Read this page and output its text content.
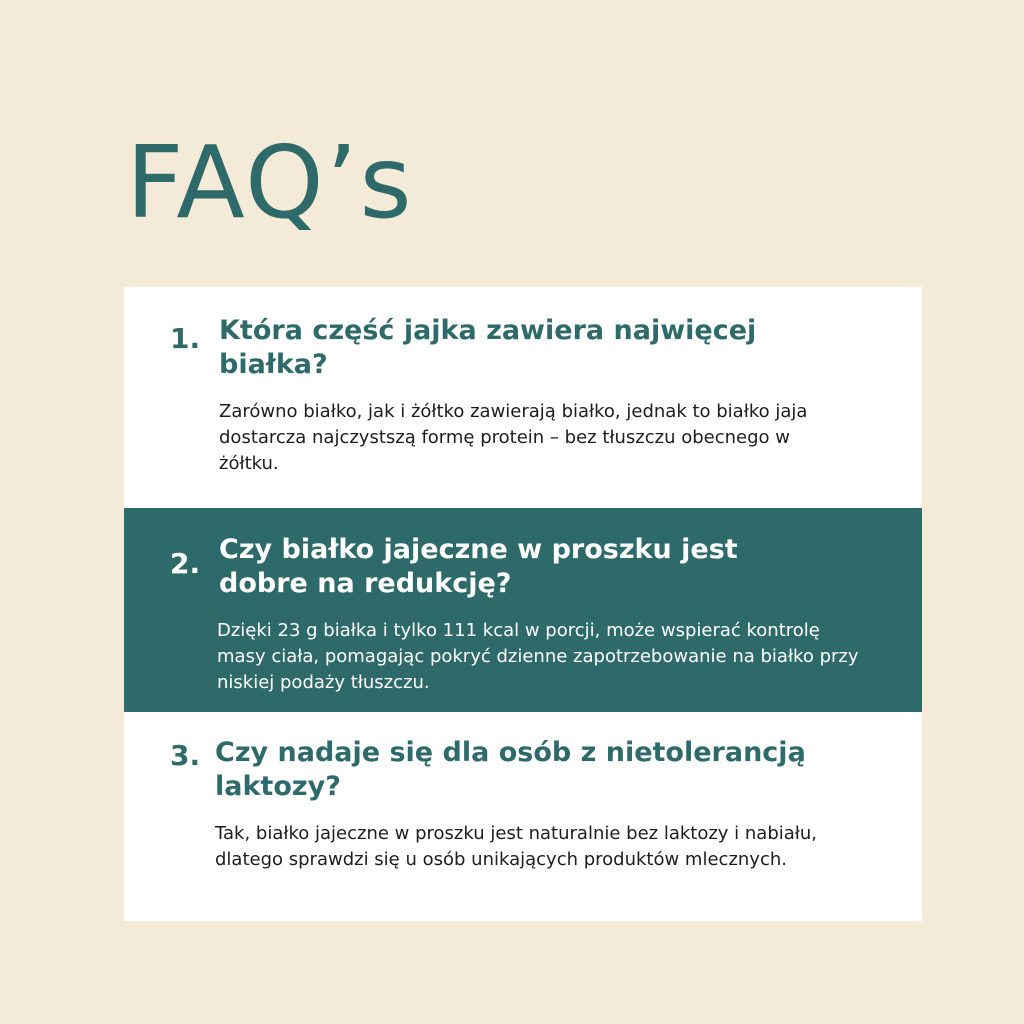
FAQ’s
1. Która część jajka zawiera najwięcej białka?

Zarówno białko, jak i żółtko zawierają białko, jednak to białko jaja dostarcza najczystszą formę protein – bez tłuszczu obecnego w żółtku.

2. Czy białko jajeczne w proszku jest dobre na redukcję?

Dzięki 23 g białka i tylko 111 kcal w porcji, może wspierać kontrolę masy ciała, pomagając pokryć dzienne zapotrzebowanie na białko przy niskiej podaży tłuszczu.

3. Czy nadaje się dla osób z nietolerancją laktozy?

Tak, białko jajeczne w proszku jest naturalnie bez laktozy i nabiału, dlatego sprawdzi się u osób unikających produktów mlecznych.
